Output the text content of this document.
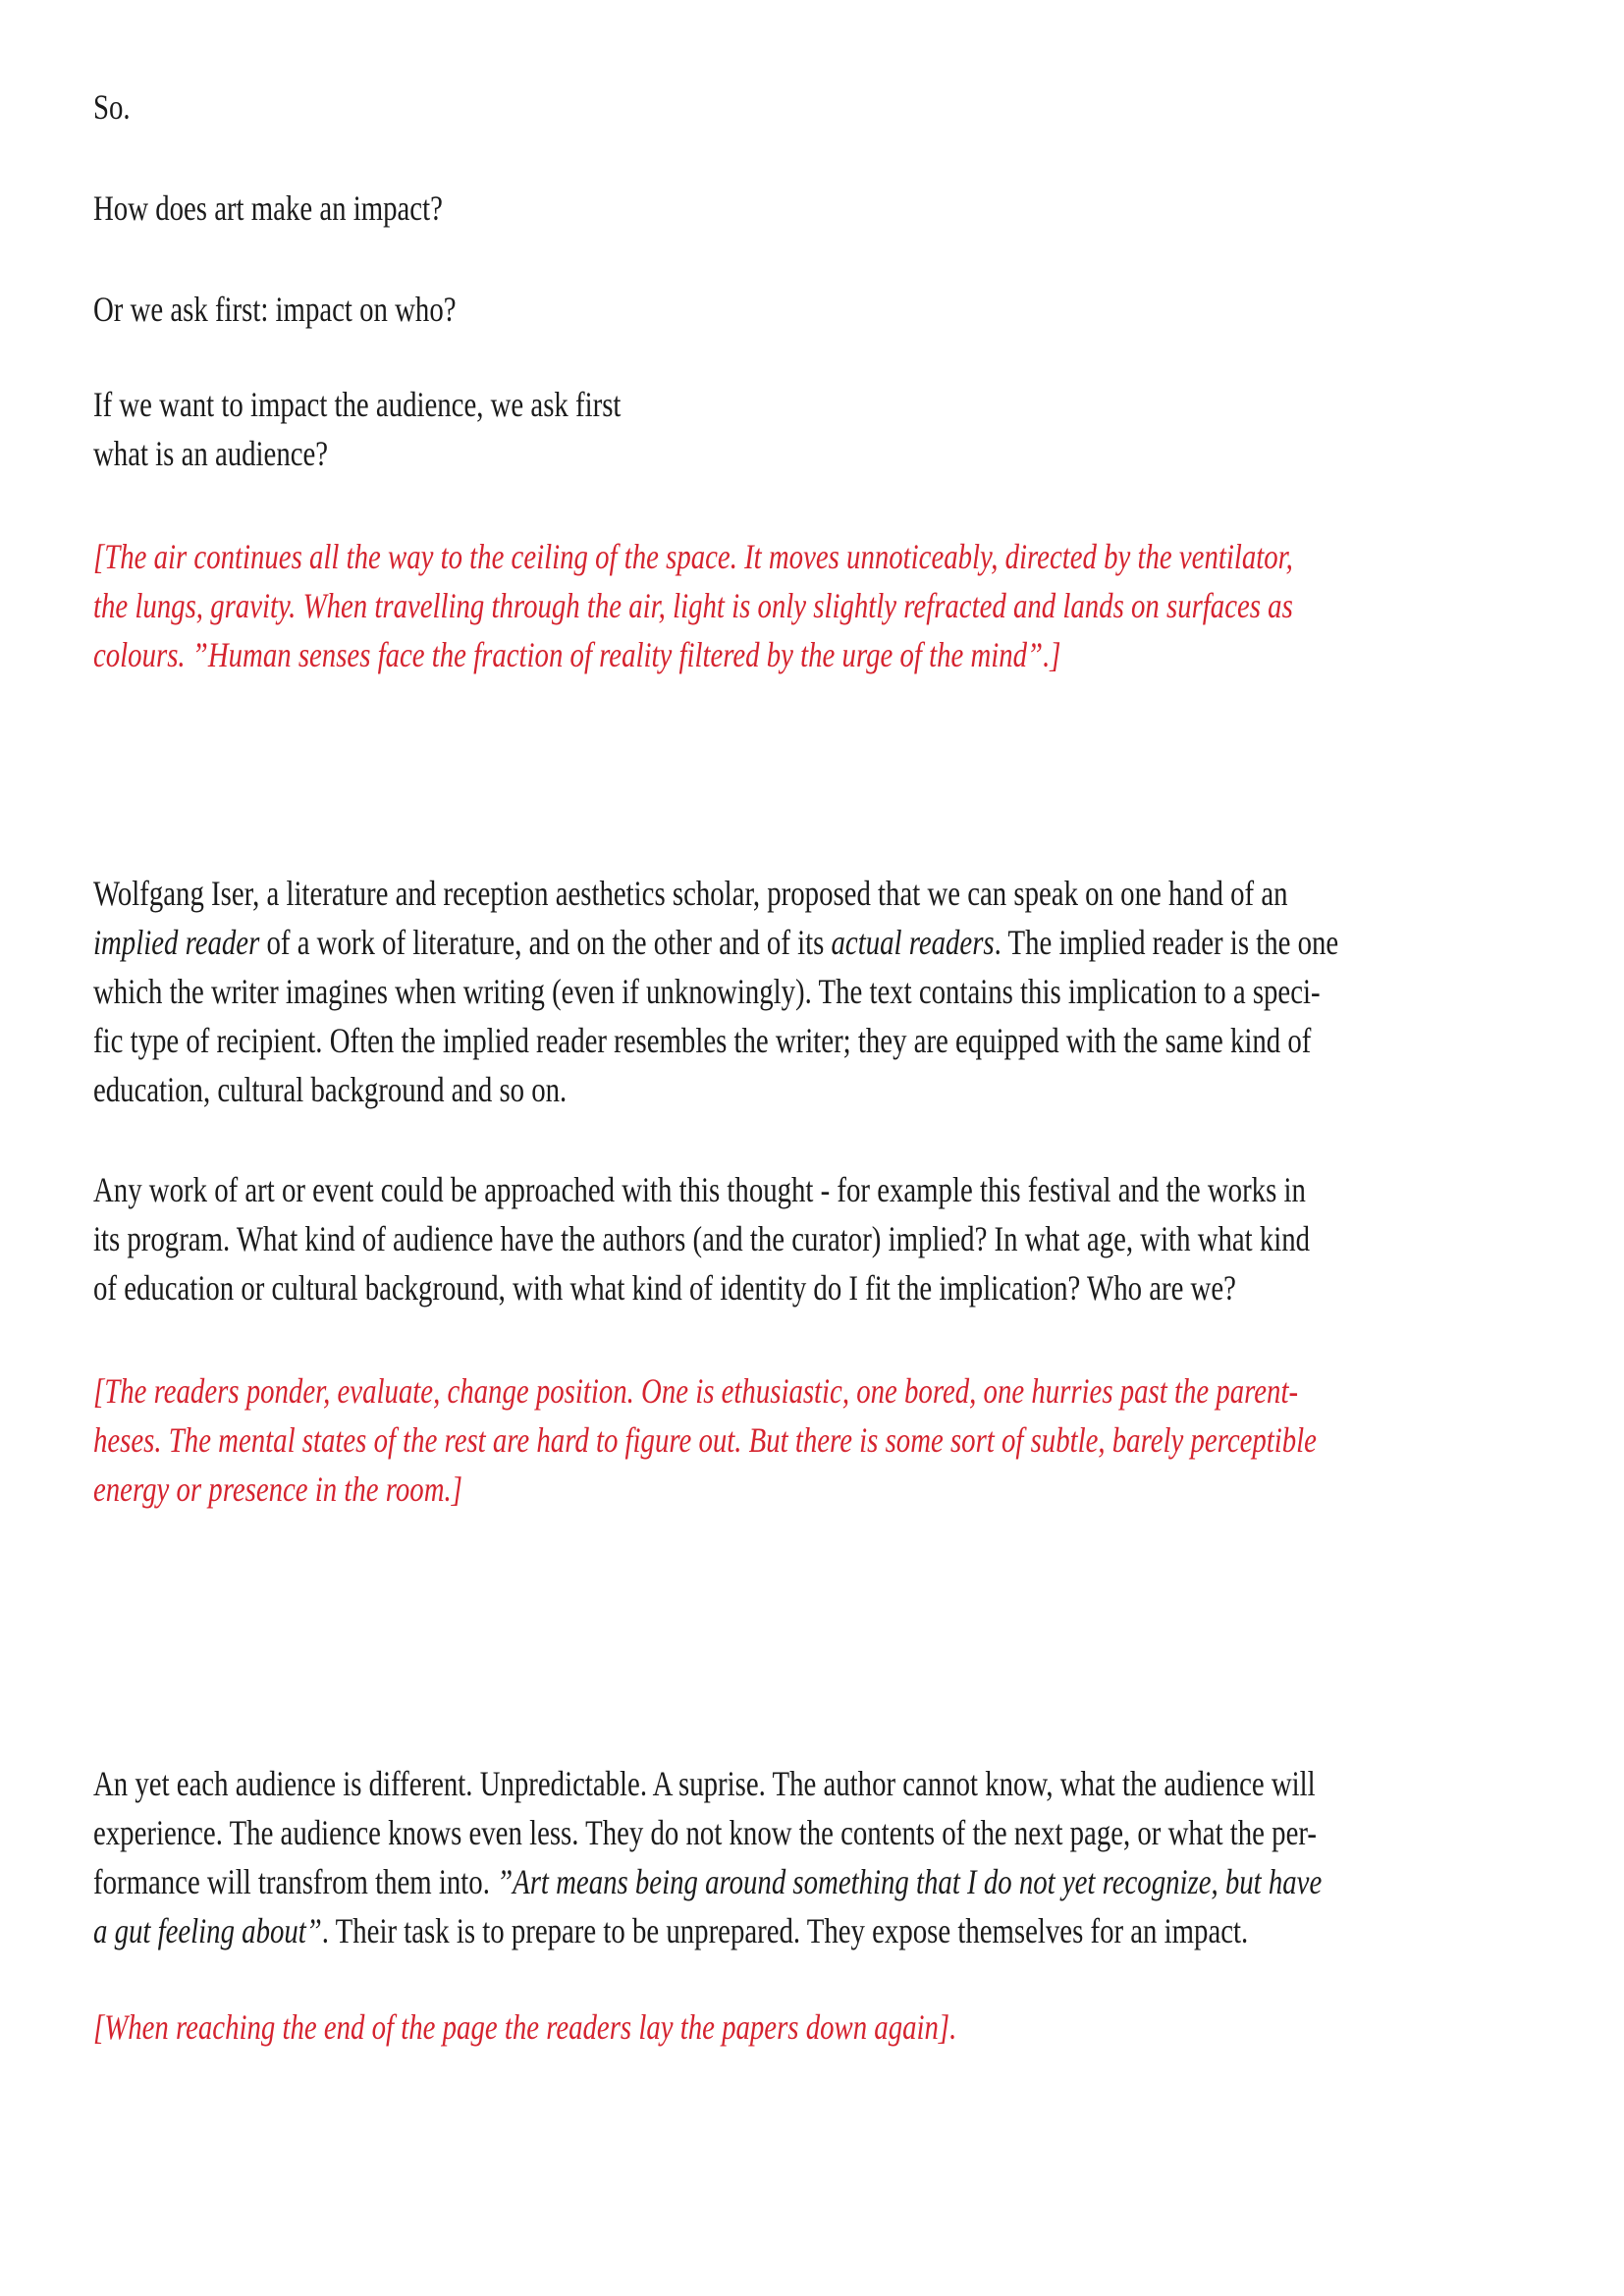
So.
How does art make an impact?
Or we ask first: impact on who?
If we want to impact the audience, we ask first
what is an audience?
[The air continues all the way to the ceiling of the space. It moves unnoticeably, directed by the ventilator,
the lungs, gravity. When travelling through the air, light is only slightly refracted and lands on surfaces as
colours. ”Human senses face the fraction of reality filtered by the urge of the mind”.]
Wolfgang Iser, a literature and reception aesthetics scholar, proposed that we can speak on one hand of an
implied reader of a work of literature, and on the other and of its actual readers. The implied reader is the one
which the writer imagines when writing (even if unknowingly). The text contains this implication to a speci-
fic type of recipient. Often the implied reader resembles the writer; they are equipped with the same kind of
education, cultural background and so on.
Any work of art or event could be approached with this thought - for example this festival and the works in
its program. What kind of audience have the authors (and the curator) implied? In what age, with what kind
of education or cultural background, with what kind of identity do I fit the implication? Who are we?
[The readers ponder, evaluate, change position. One is ethusiastic, one bored, one hurries past the parent-
heses. The mental states of the rest are hard to figure out. But there is some sort of subtle, barely perceptible
energy or presence in the room.]
An yet each audience is different. Unpredictable. A suprise. The author cannot know, what the audience will
experience. The audience knows even less. They do not know the contents of the next page, or what the per-
formance will transfrom them into. ”Art means being around something that I do not yet recognize, but have
a gut feeling about”. Their task is to prepare to be unprepared. They expose themselves for an impact.
[When reaching the end of the page the readers lay the papers down again].
